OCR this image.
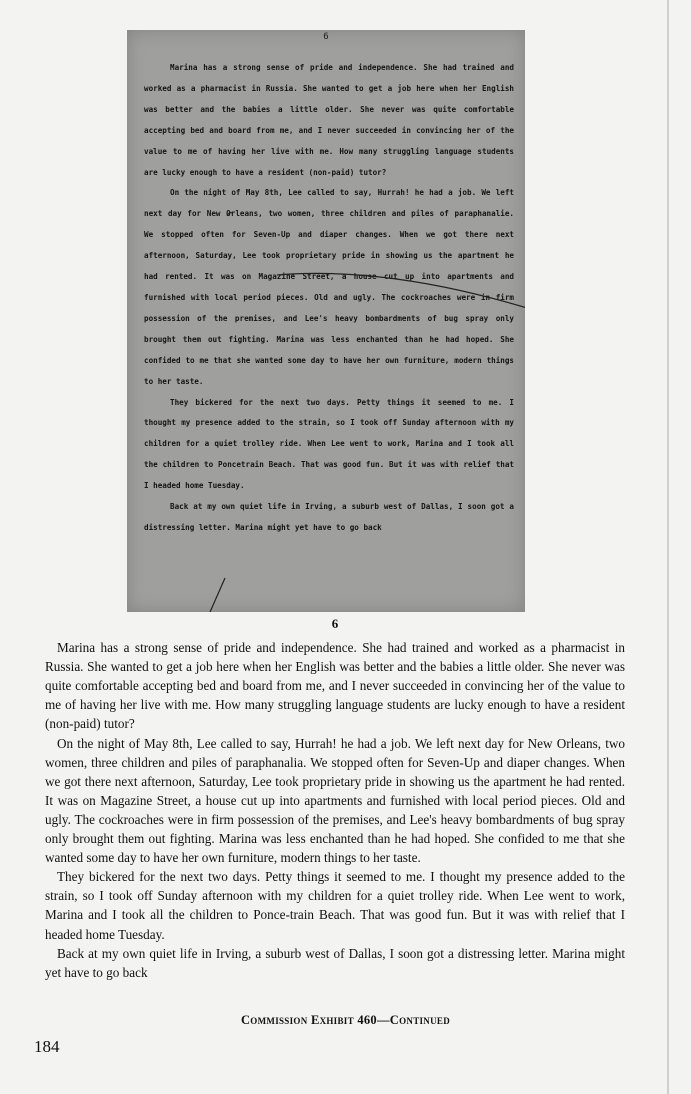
6

Marina has a strong sense of pride and independence. She had trained and worked as a pharmacist in Russia. She wanted to get a job here when her English was better and the babies a little older. She never was quite comfortable accepting bed and board from me, and I never succeeded in convincing her of the value to me of having her live with me. How many struggling language students are lucky enough to have a resident (non-paid) tutor?

On the night of May 8th, Lee called to say, Hurrah! he had a job. We left next day for New Orleans, two women, three children and piles of paraphanalie. We stopped often for Seven-Up and diaper changes. When we got there next afternoon, Saturday, Lee took proprietary pride in showing us the apartment he had rented. It was on Magazine Street, a house cut up into apartments and furnished with local period pieces. Old and ugly. The cockroaches were in firm possession of the premises, and Lee's heavy bombardments of bug spray only brought them out fighting. Marina was less enchanted than he had hoped. She confided to me that she wanted some day to have her own furniture, modern things to her taste.

They bickered for the next two days. Petty things it seemed to me. I thought my presence added to the strain, so I took off Sunday afternoon with my children for a quiet trolley ride. When Lee went to work, Marina and I took all the children to Poncetrain Beach. That was good fun. But it was with relief that I headed home Tuesday.

Back at my own quiet life in Irving, a suburb west of Dallas, I soon got a distressing letter. Marina might yet have to go back

6

Marina has a strong sense of pride and independence. She had trained and worked as a pharmacist in Russia. She wanted to get a job here when her English was better and the babies a little older. She never was quite comfortable accepting bed and board from me, and I never succeeded in convincing her of the value to me of having her live with me. How many struggling language students are lucky enough to have a resident (non-paid) tutor?

On the night of May 8th, Lee called to say, Hurrah! he had a job. We left next day for New Orleans, two women, three children and piles of paraphanalia. We stopped often for Seven-Up and diaper changes. When we got there next afternoon, Saturday, Lee took proprietary pride in showing us the apartment he had rented. It was on Magazine Street, a house cut up into apartments and furnished with local period pieces. Old and ugly. The cockroaches were in firm possession of the premises, and Lee's heavy bombardments of bug spray only brought them out fighting. Marina was less enchanted than he had hoped. She confided to me that she wanted some day to have her own furniture, modern things to her taste.

They bickered for the next two days. Petty things it seemed to me. I thought my presence added to the strain, so I took off Sunday afternoon with my children for a quiet trolley ride. When Lee went to work, Marina and I took all the children to Ponce-train Beach. That was good fun. But it was with relief that I headed home Tuesday.

Back at my own quiet life in Irving, a suburb west of Dallas, I soon got a distressing letter. Marina might yet have to go back

Commission Exhibit 460—Continued
184
